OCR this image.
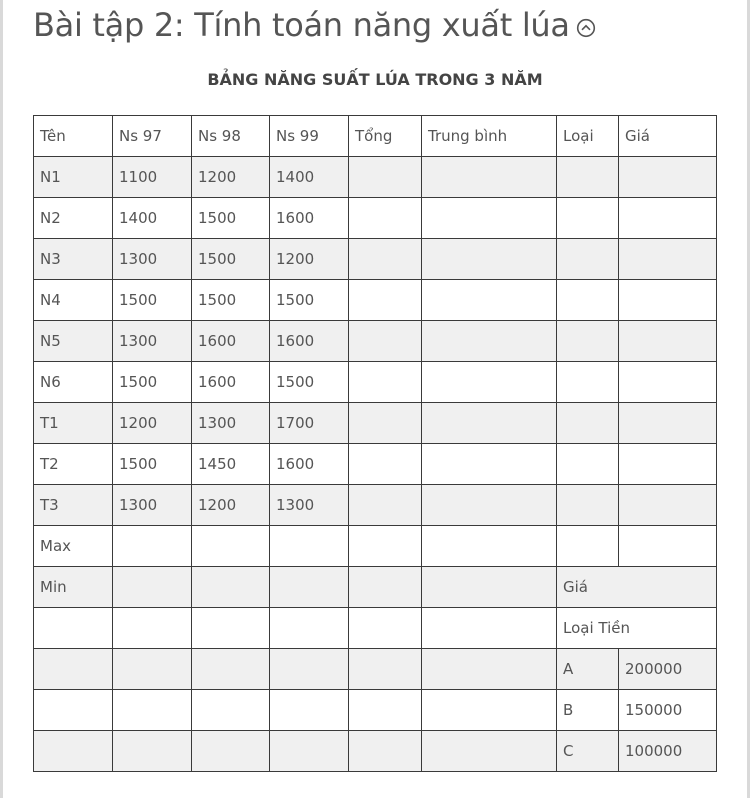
Bài tập 2: Tính toán năng xuất lúa
BẢNG NĂNG SUẤT LÚA TRONG 3 NĂM
Tên	Ns 97	Ns 98	Ns 99	Tổng	Trung bình	Loại	Giá
N1	1100	1200	1400				
N2	1400	1500	1600				
N3	1300	1500	1200				
N4	1500	1500	1500				
N5	1300	1600	1600				
N6	1500	1600	1500				
T1	1200	1300	1700				
T2	1500	1450	1600				
T3	1300	1200	1300				
Max							
Min						Giá	
						Loại Tiền	
						A	200000
						B	150000
						C	100000
